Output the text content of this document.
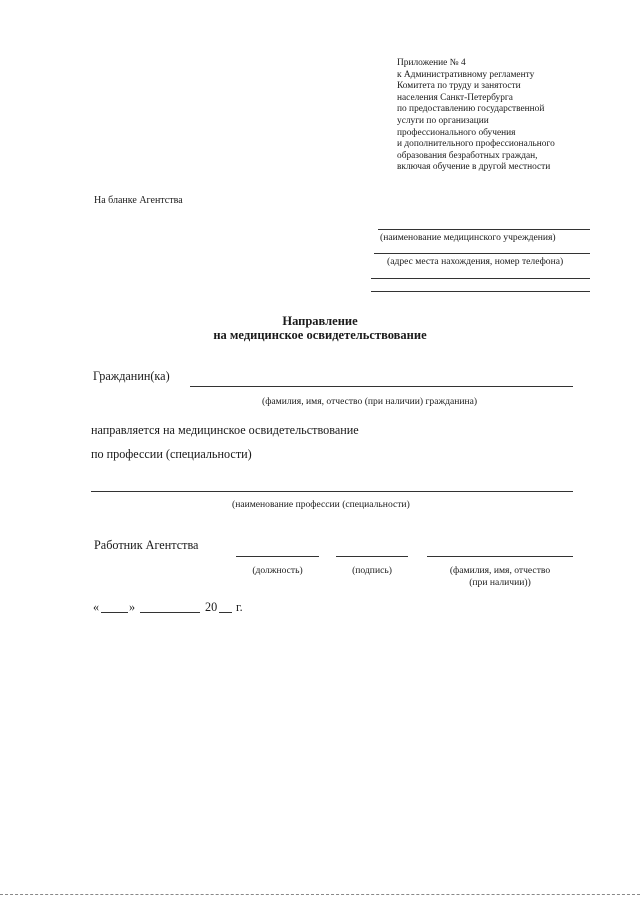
Приложение № 4
к Административному регламенту
Комитета по труду и занятости
населения Санкт-Петербурга
по предоставлению государственной
услуги по организации
профессионального обучения
и дополнительного профессионального
образования безработных граждан,
включая обучение в другой местности
На бланке Агентства
(наименование медицинского учреждения)
(адрес места нахождения, номер телефона)
Направление
на медицинское освидетельствование
Гражданин(ка)
(фамилия, имя, отчество (при наличии) гражданина)
направляется на медицинское освидетельствование
по профессии (специальности)
(наименование профессии (специальности)
Работник Агентства
(должность)	(подпись)	(фамилия, имя, отчество
(при наличии))
« »	20 г.
